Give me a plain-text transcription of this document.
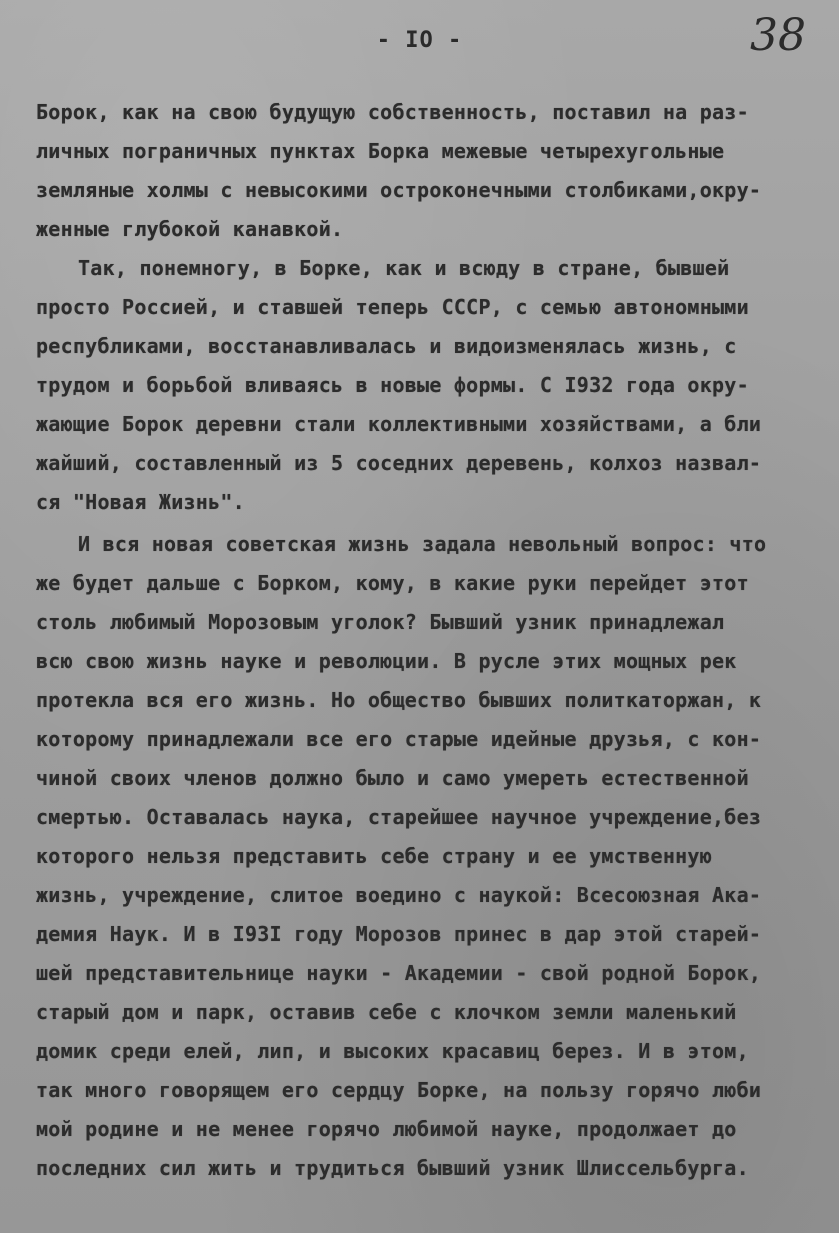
- IO -	38
Борок, как на свою будущую собственность, поставил на раз-
личных пограничных пунктах Борка межевые четырехугольные
земляные холмы с невысокими остроконечными столбиками,окру-
женные глубокой канавкой.
Так, понемногу, в Борке, как и всюду в стране, бывшей
просто Россией, и ставшей теперь СССР, с семью автономными
республиками, восстанавливалась и видоизменялась жизнь, с
трудом и борьбой вливаясь в новые формы. С I932 года окру-
жающие Борок деревни стали коллективными хозяйствами, а бли
жайший, составленный из 5 соседних деревень, колхоз назвал-
ся "Новая Жизнь".
И вся новая советская жизнь задала невольный вопрос: что
же будет дальше с Борком, кому, в какие руки перейдет этот
столь любимый Морозовым уголок? Бывший узник принадлежал
всю свою жизнь науке и революции. В русле этих мощных рек
протекла вся его жизнь. Но общество бывших политкаторжан, к
которому принадлежали все его старые идейные друзья, с кон-
чиной своих членов должно было и само умереть естественной
смертью. Оставалась наука, старейшее научное учреждение,без
которого нельзя представить себе страну и ее умственную
жизнь, учреждение, слитое воедино с наукой: Всесоюзная Ака-
демия Наук. И в I93I году Морозов принес в дар этой старей-
шей представительнице науки - Академии - свой родной Борок,
старый дом и парк, оставив себе с клочком земли маленький
домик среди елей, лип, и высоких красавиц берез. И в этом,
так много говорящем его сердцу Борке, на пользу горячо люби
мой родине и не менее горячо любимой науке, продолжает до
последних сил жить и трудиться бывший узник Шлиссельбурга.
